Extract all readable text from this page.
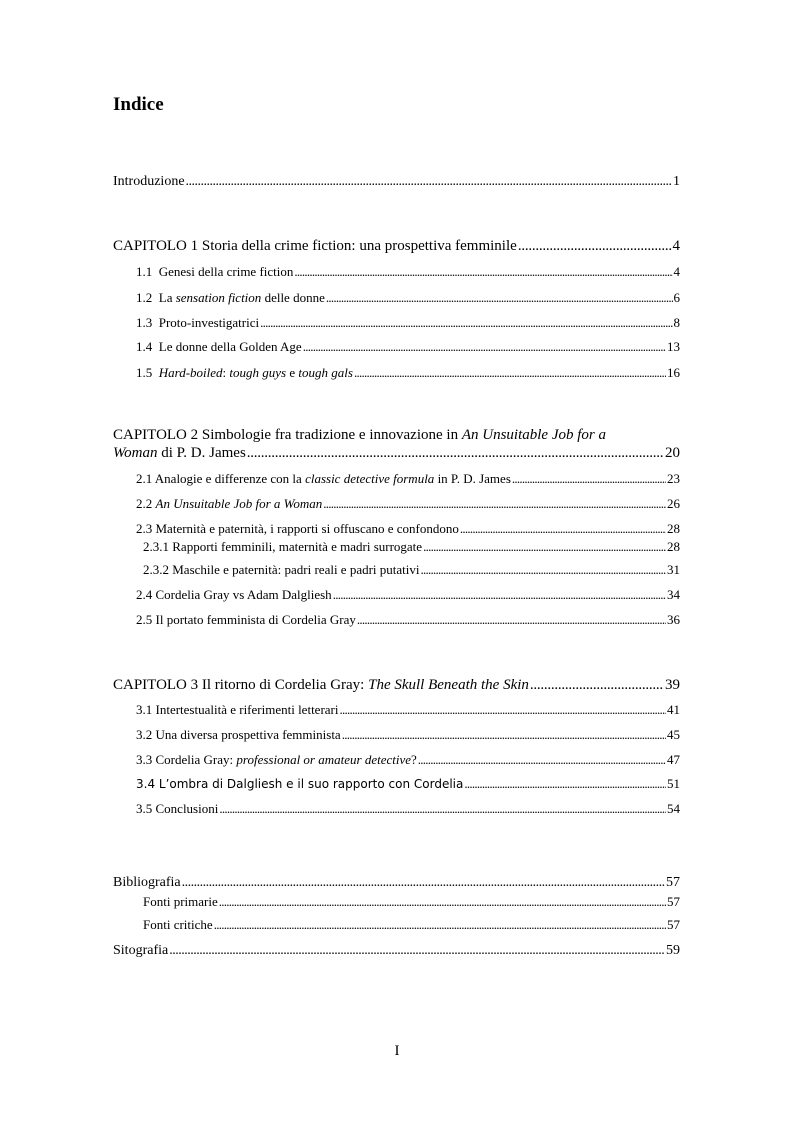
Indice
Introduzione . . .	1
CAPITOLO 1 Storia della crime fiction: una prospettiva femminile . . .	4
1.1 Genesi della crime fiction . . .	4
1.2 La sensation fiction delle donne . . .	6
1.3 Proto-investigatrici . . .	8
1.4 Le donne della Golden Age . . .	13
1.5 Hard-boiled: tough guys e tough gals . . .	16
CAPITOLO 2 Simbologie fra tradizione e innovazione in An Unsuitable Job for a
Woman di P. D. James . . .	20
2.1 Analogie e differenze con la classic detective formula in P. D. James . . .	23
2.2 An Unsuitable Job for a Woman . . .	26
2.3 Maternità e paternità, i rapporti si offuscano e confondono . . .	28
2.3.1 Rapporti femminili, maternità e madri surrogate . . .	28
2.3.2 Maschile e paternità: padri reali e padri putativi . . .	31
2.4 Cordelia Gray vs Adam Dalgliesh . . .	34
2.5 Il portato femminista di Cordelia Gray . . .	36
CAPITOLO 3 Il ritorno di Cordelia Gray: The Skull Beneath the Skin . . .	39
3.1 Intertestualità e riferimenti letterari . . .	41
3.2 Una diversa prospettiva femminista . . .	45
3.3 Cordelia Gray: professional or amateur detective? . . .	47
3.4 L’ombra di Dalgliesh e il suo rapporto con Cordelia . . .	51
3.5 Conclusioni . . .	54
Bibliografia . . .	57
Fonti primarie . . .	57
Fonti critiche . . .	57
Sitografia . . .	59
I
